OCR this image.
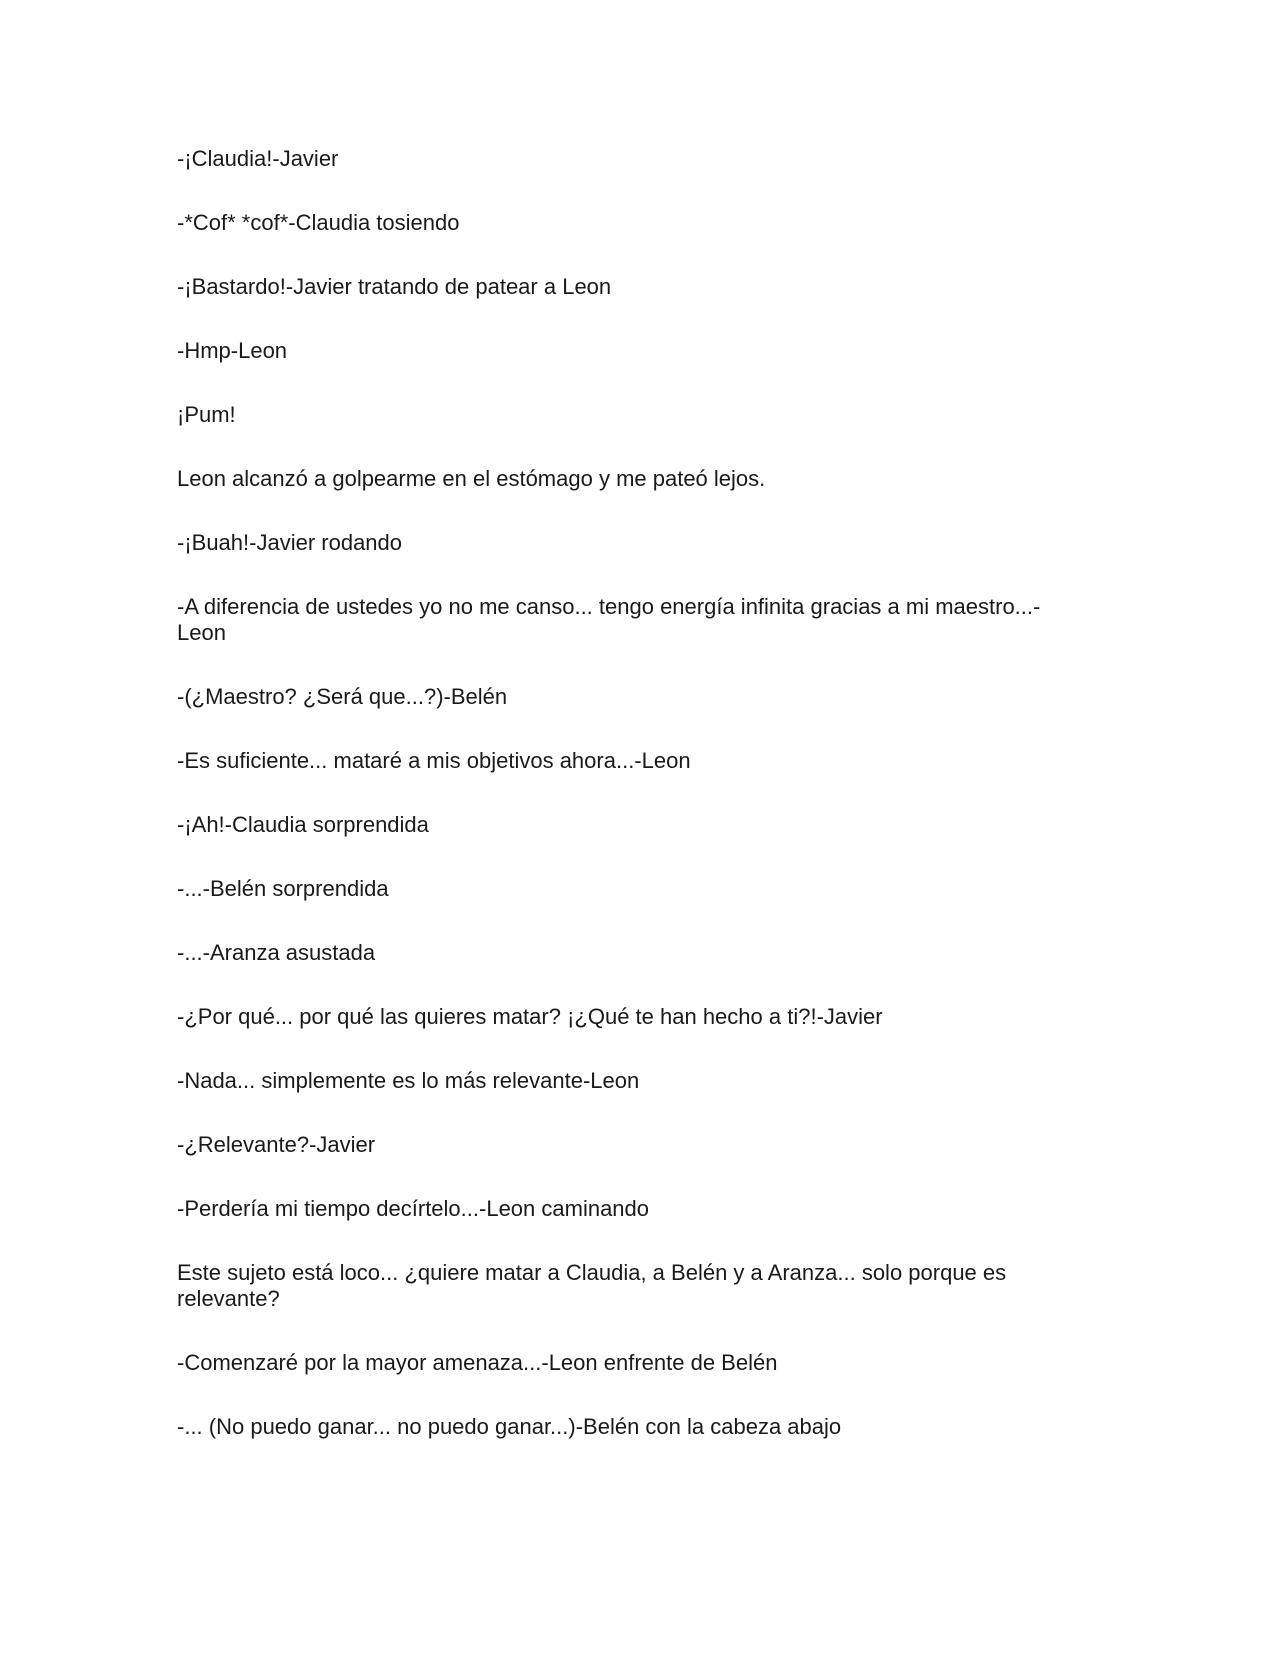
-¡Claudia!-Javier

-*Cof* *cof*-Claudia tosiendo

-¡Bastardo!-Javier tratando de patear a Leon

-Hmp-Leon

¡Pum!

Leon alcanzó a golpearme en el estómago y me pateó lejos.

-¡Buah!-Javier rodando

-A diferencia de ustedes yo no me canso... tengo energía infinita gracias a mi maestro...-Leon

-(¿Maestro? ¿Será que...?)-Belén

-Es suficiente... mataré a mis objetivos ahora...-Leon

-¡Ah!-Claudia sorprendida

-...-Belén sorprendida

-...-Aranza asustada

-¿Por qué... por qué las quieres matar? ¡¿Qué te han hecho a ti?!-Javier

-Nada... simplemente es lo más relevante-Leon

-¿Relevante?-Javier

-Perdería mi tiempo decírtelo...-Leon caminando

Este sujeto está loco... ¿quiere matar a Claudia, a Belén y a Aranza... solo porque es relevante?

-Comenzaré por la mayor amenaza...-Leon enfrente de Belén

-... (No puedo ganar... no puedo ganar...)-Belén con la cabeza abajo
